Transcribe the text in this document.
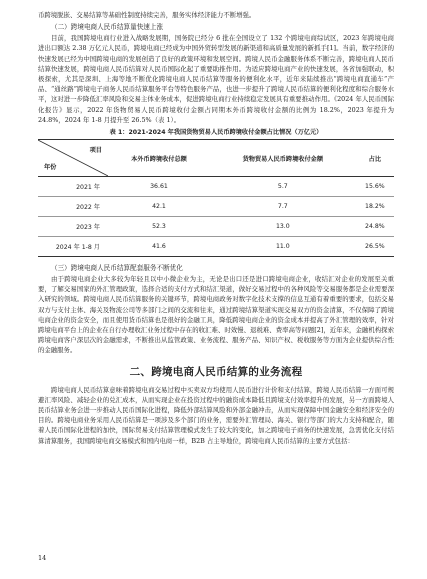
币跨境脱嵌、交易结算等基础性制度持续完善，服务实体经济能力不断增强。

（二）跨境电商人民币结算量快速上涨

目前，我国跨境电商行业进入战略发展期，国务院已经分 6 批在全国设立了 132 个跨境电商综试区，2023 年跨境电商进出口额达 2.38 万亿元人民币，跨境电商已经成为中国外贸转型发展的新渠道和高质量发展的新抓手[1]。当前，数字经济的快速发展已经为中国跨境电商的发展创造了良好的政策环境和发展空间。跨境人民币金融服务体系不断完善，跨境电商人民币结算快速发展，跨境电商人民币结算对人民币国际化起了重要助推作用。为适应跨境电商产业的快速发展，各省加强联动，积极探索，尤其是深圳、上海等地不断优化跨境电商人民币结算等服务的便利化水平，近年来陆续推出“跨境电商直通车”产品、“通丝路”跨境电子商务人民币结算服务平台等特色服务产品，也进一步提升了跨境人民币结算的便利化程度和综合服务水平，这对进一步降低汇率风险和交易主体业务成本，促进跨境电商行业持续稳定发展具有重要推动作用。《2024 年人民币国际化报告》显示，2022 年货物贸易人民币跨境收付金额占同期本外币跨境收付金额的比例为 18.2%，2023 年提升为 24.8%，2024 年 1-8 月提升至 26.5%（表 1）。

表 1：2021-2024 年我国货物贸易人民币跨境收付金额占比情况（万亿元）
项目
年份	本外币跨境收付总额	货物贸易人民币跨境收付金额	占比
2021 年	36.61	5.7	15.6%
2022 年	42.1	7.7	18.2%
2023 年	52.3	13.0	24.8%
2024 年 1-8 月	41.6	11.0	26.5%
（三）跨境电商人民币结算配套服务不断优化

由于跨境电商企业大多较为年轻且以中小微企业为主，无论是出口还是进口跨境电商企业，收结汇对企业的发展至关重要，了解交易国家的外汇管理政策，选择合适的支付方式和结汇渠道，做好交易过程中的各种风险等交易服务都是企业需要深入研究的领域。跨境电商人民币结算服务的关键环节，跨境电商政务对数字化技术支撑的信息互通有着重要的要求，包括交易双方与支付主体、海关及物流公司等多部门之间的交流和往来，通过跨境结算渠道实现交易双方的资金清算，不仅保障了跨境电商企业的资金安全，而且使用货币结算也是很好的金融工具，降低跨境电商企业的资金成本并提高了外汇管理的效率，针对跨境电商平台上的企业在自行办理收汇业务过程中存在的收汇难、时效慢、退税难、费率高等问题[2]，近年来，金融机构探索跨境电商客户深层次的金融需求，不断推出从监管政策、业务流程、服务产品、知识产权、税收服务等方面为企业提供综合性的金融服务。

二、跨境电商人民币结算的业务流程

跨境电商人民币结算意味着跨境电商交易过程中买卖双方均使用人民币进行计价和支付结算，跨境人民币结算一方面可规避汇率风险、减轻企业的兑汇成本，从而实现企业在投资过程中的融资成本降低且跨境支付效率提升的发展，另一方面跨境人民币结算业务会进一步推动人民币国际化进程，降低外部结算风险和外部金融冲击，从而实现保障中国金融安全和经济安全的目的。跨境电商业务采用人民币结算是一项涉及多个部门的业务，需要外汇管理局、海关、银行等部门的大力支持和配合，随着人民币国际化进程的加快，国际贸易支付结算管理模式发生了较大的变化，加之跨境电子商务的快速发展，急需优化支付结算清算服务，我国跨境电商交易模式和国内电商一样，B2B 占主导地位，跨境电商人民币结算的主要方式包括：

14
